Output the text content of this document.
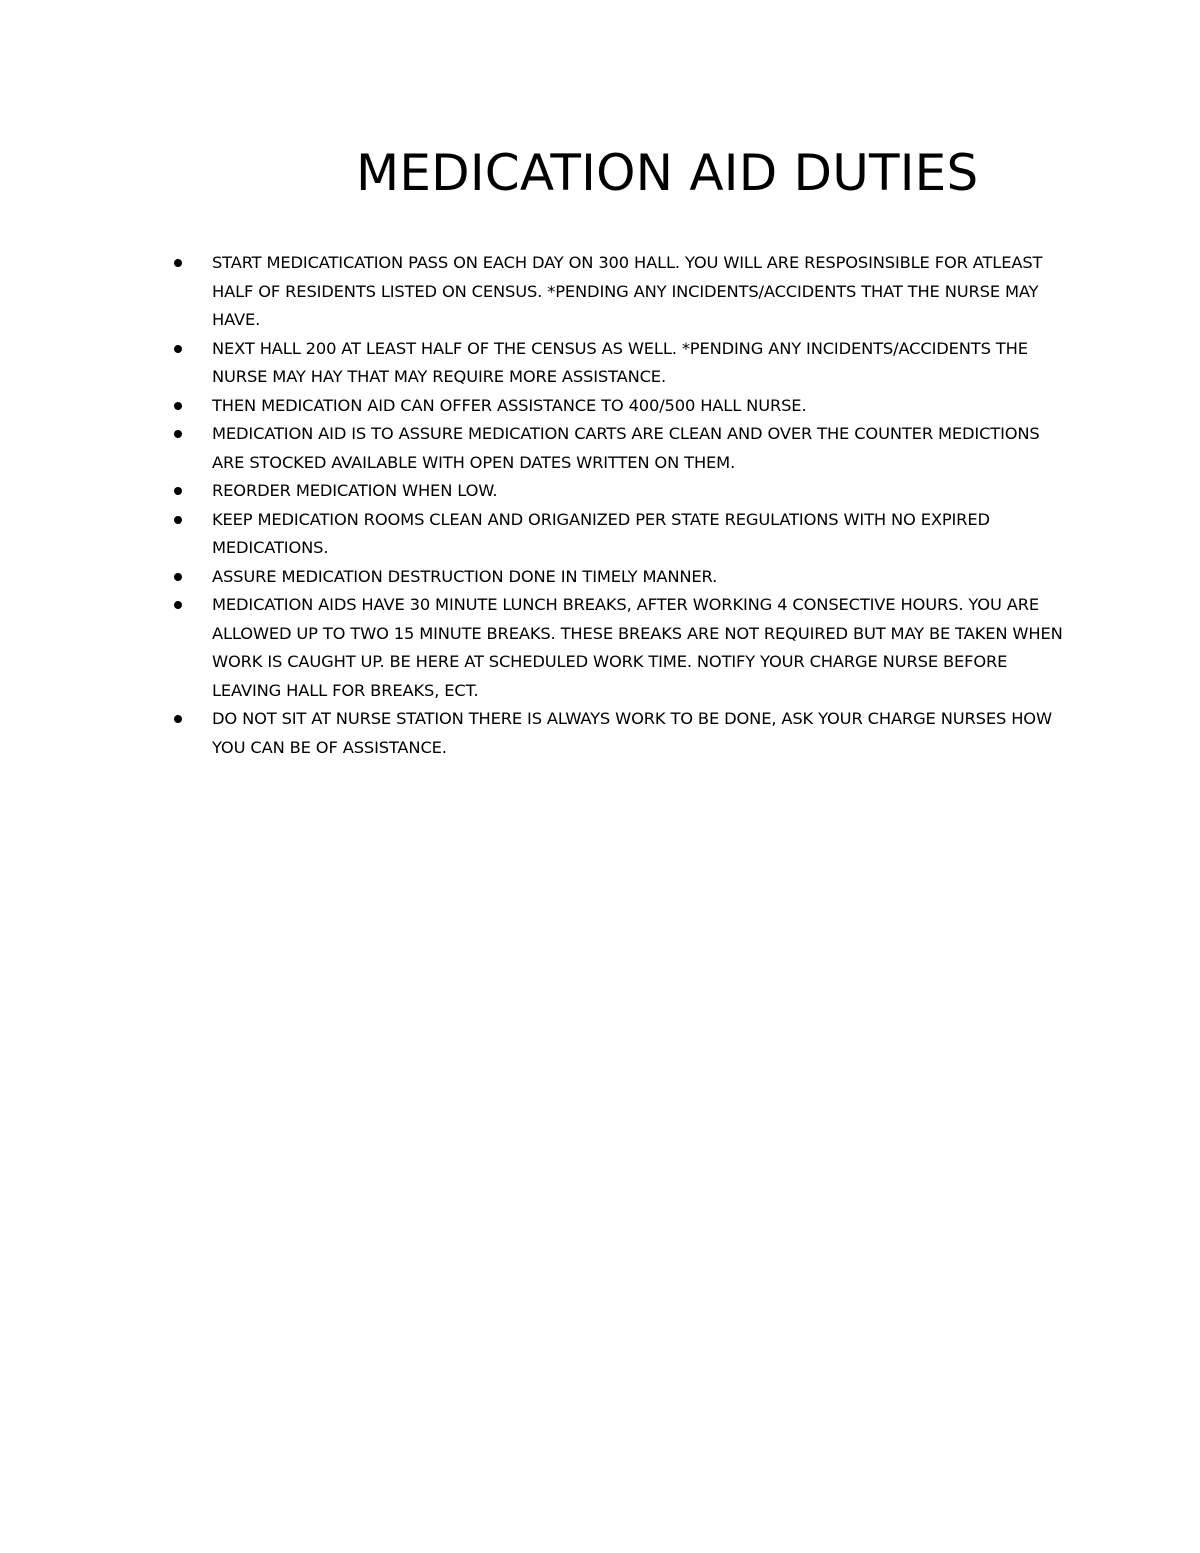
MEDICATION AID DUTIES
START MEDICATICATION PASS ON EACH DAY ON 300 HALL. YOU WILL ARE RESPOSINSIBLE FOR ATLEAST HALF OF RESIDENTS LISTED ON CENSUS. *PENDING ANY INCIDENTS/ACCIDENTS THAT THE NURSE MAY HAVE.
NEXT HALL 200 AT LEAST HALF OF THE CENSUS AS WELL. *PENDING ANY INCIDENTS/ACCIDENTS THE NURSE MAY HAY THAT MAY REQUIRE MORE ASSISTANCE.
THEN MEDICATION AID CAN OFFER ASSISTANCE TO 400/500 HALL NURSE.
MEDICATION AID IS TO ASSURE MEDICATION CARTS ARE CLEAN AND OVER THE COUNTER MEDICTIONS ARE STOCKED AVAILABLE WITH OPEN DATES WRITTEN ON THEM.
REORDER MEDICATION WHEN LOW.
KEEP MEDICATION ROOMS CLEAN AND ORIGANIZED PER STATE REGULATIONS WITH NO EXPIRED MEDICATIONS.
ASSURE MEDICATION DESTRUCTION DONE IN TIMELY MANNER.
MEDICATION AIDS HAVE 30 MINUTE LUNCH BREAKS, AFTER WORKING 4 CONSECTIVE HOURS. YOU ARE ALLOWED UP TO TWO 15 MINUTE BREAKS. THESE BREAKS ARE NOT REQUIRED BUT MAY BE TAKEN WHEN WORK IS CAUGHT UP. BE HERE AT SCHEDULED WORK TIME. NOTIFY YOUR CHARGE NURSE BEFORE LEAVING HALL FOR BREAKS, ECT.
DO NOT SIT AT NURSE STATION THERE IS ALWAYS WORK TO BE DONE, ASK YOUR CHARGE NURSES HOW YOU CAN BE OF ASSISTANCE.
